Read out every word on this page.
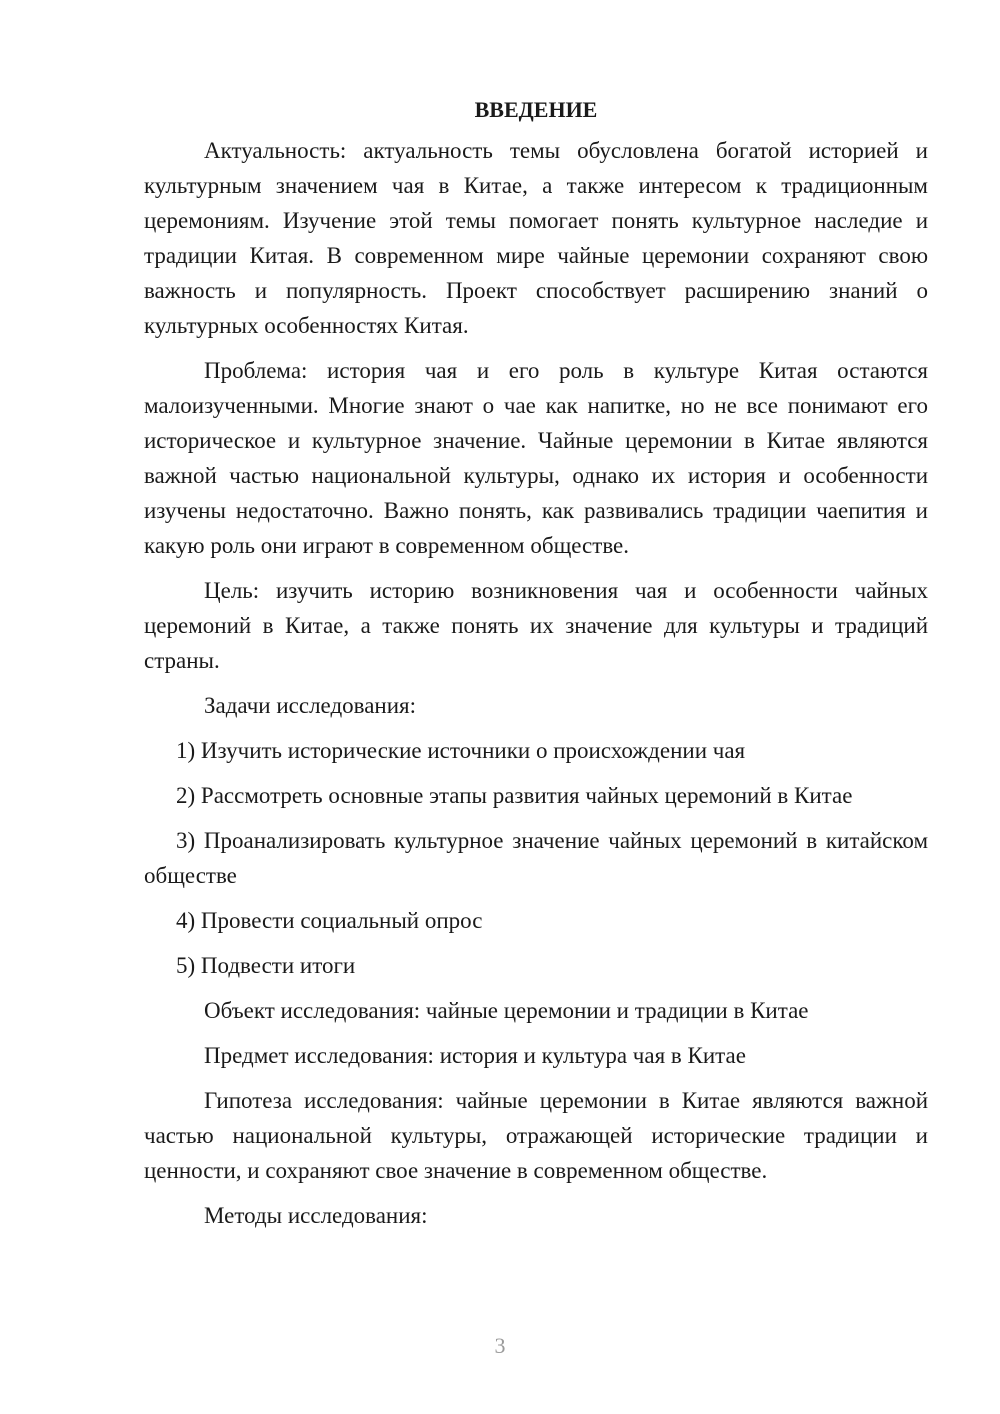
ВВЕДЕНИЕ

Актуальность: актуальность темы обусловлена богатой историей и культурным значением чая в Китае, а также интересом к традиционным церемониям. Изучение этой темы помогает понять культурное наследие и традиции Китая. В современном мире чайные церемонии сохраняют свою важность и популярность. Проект способствует расширению знаний о культурных особенностях Китая.

Проблема: история чая и его роль в культуре Китая остаются малоизученными. Многие знают о чае как напитке, но не все понимают его историческое и культурное значение. Чайные церемонии в Китае являются важной частью национальной культуры, однако их история и особенности изучены недостаточно. Важно понять, как развивались традиции чаепития и какую роль они играют в современном обществе.

Цель: изучить историю возникновения чая и особенности чайных церемоний в Китае, а также понять их значение для культуры и традиций страны.

Задачи исследования:

1) Изучить исторические источники о происхождении чая

2) Рассмотреть основные этапы развития чайных церемоний в Китае

3) Проанализировать культурное значение чайных церемоний в китайском обществе

4) Провести социальный опрос

5) Подвести итоги

Объект исследования: чайные церемонии и традиции в Китае

Предмет исследования: история и культура чая в Китае

Гипотеза исследования: чайные церемонии в Китае являются важной частью национальной культуры, отражающей исторические традиции и ценности, и сохраняют свое значение в современном обществе.

Методы исследования:

3
